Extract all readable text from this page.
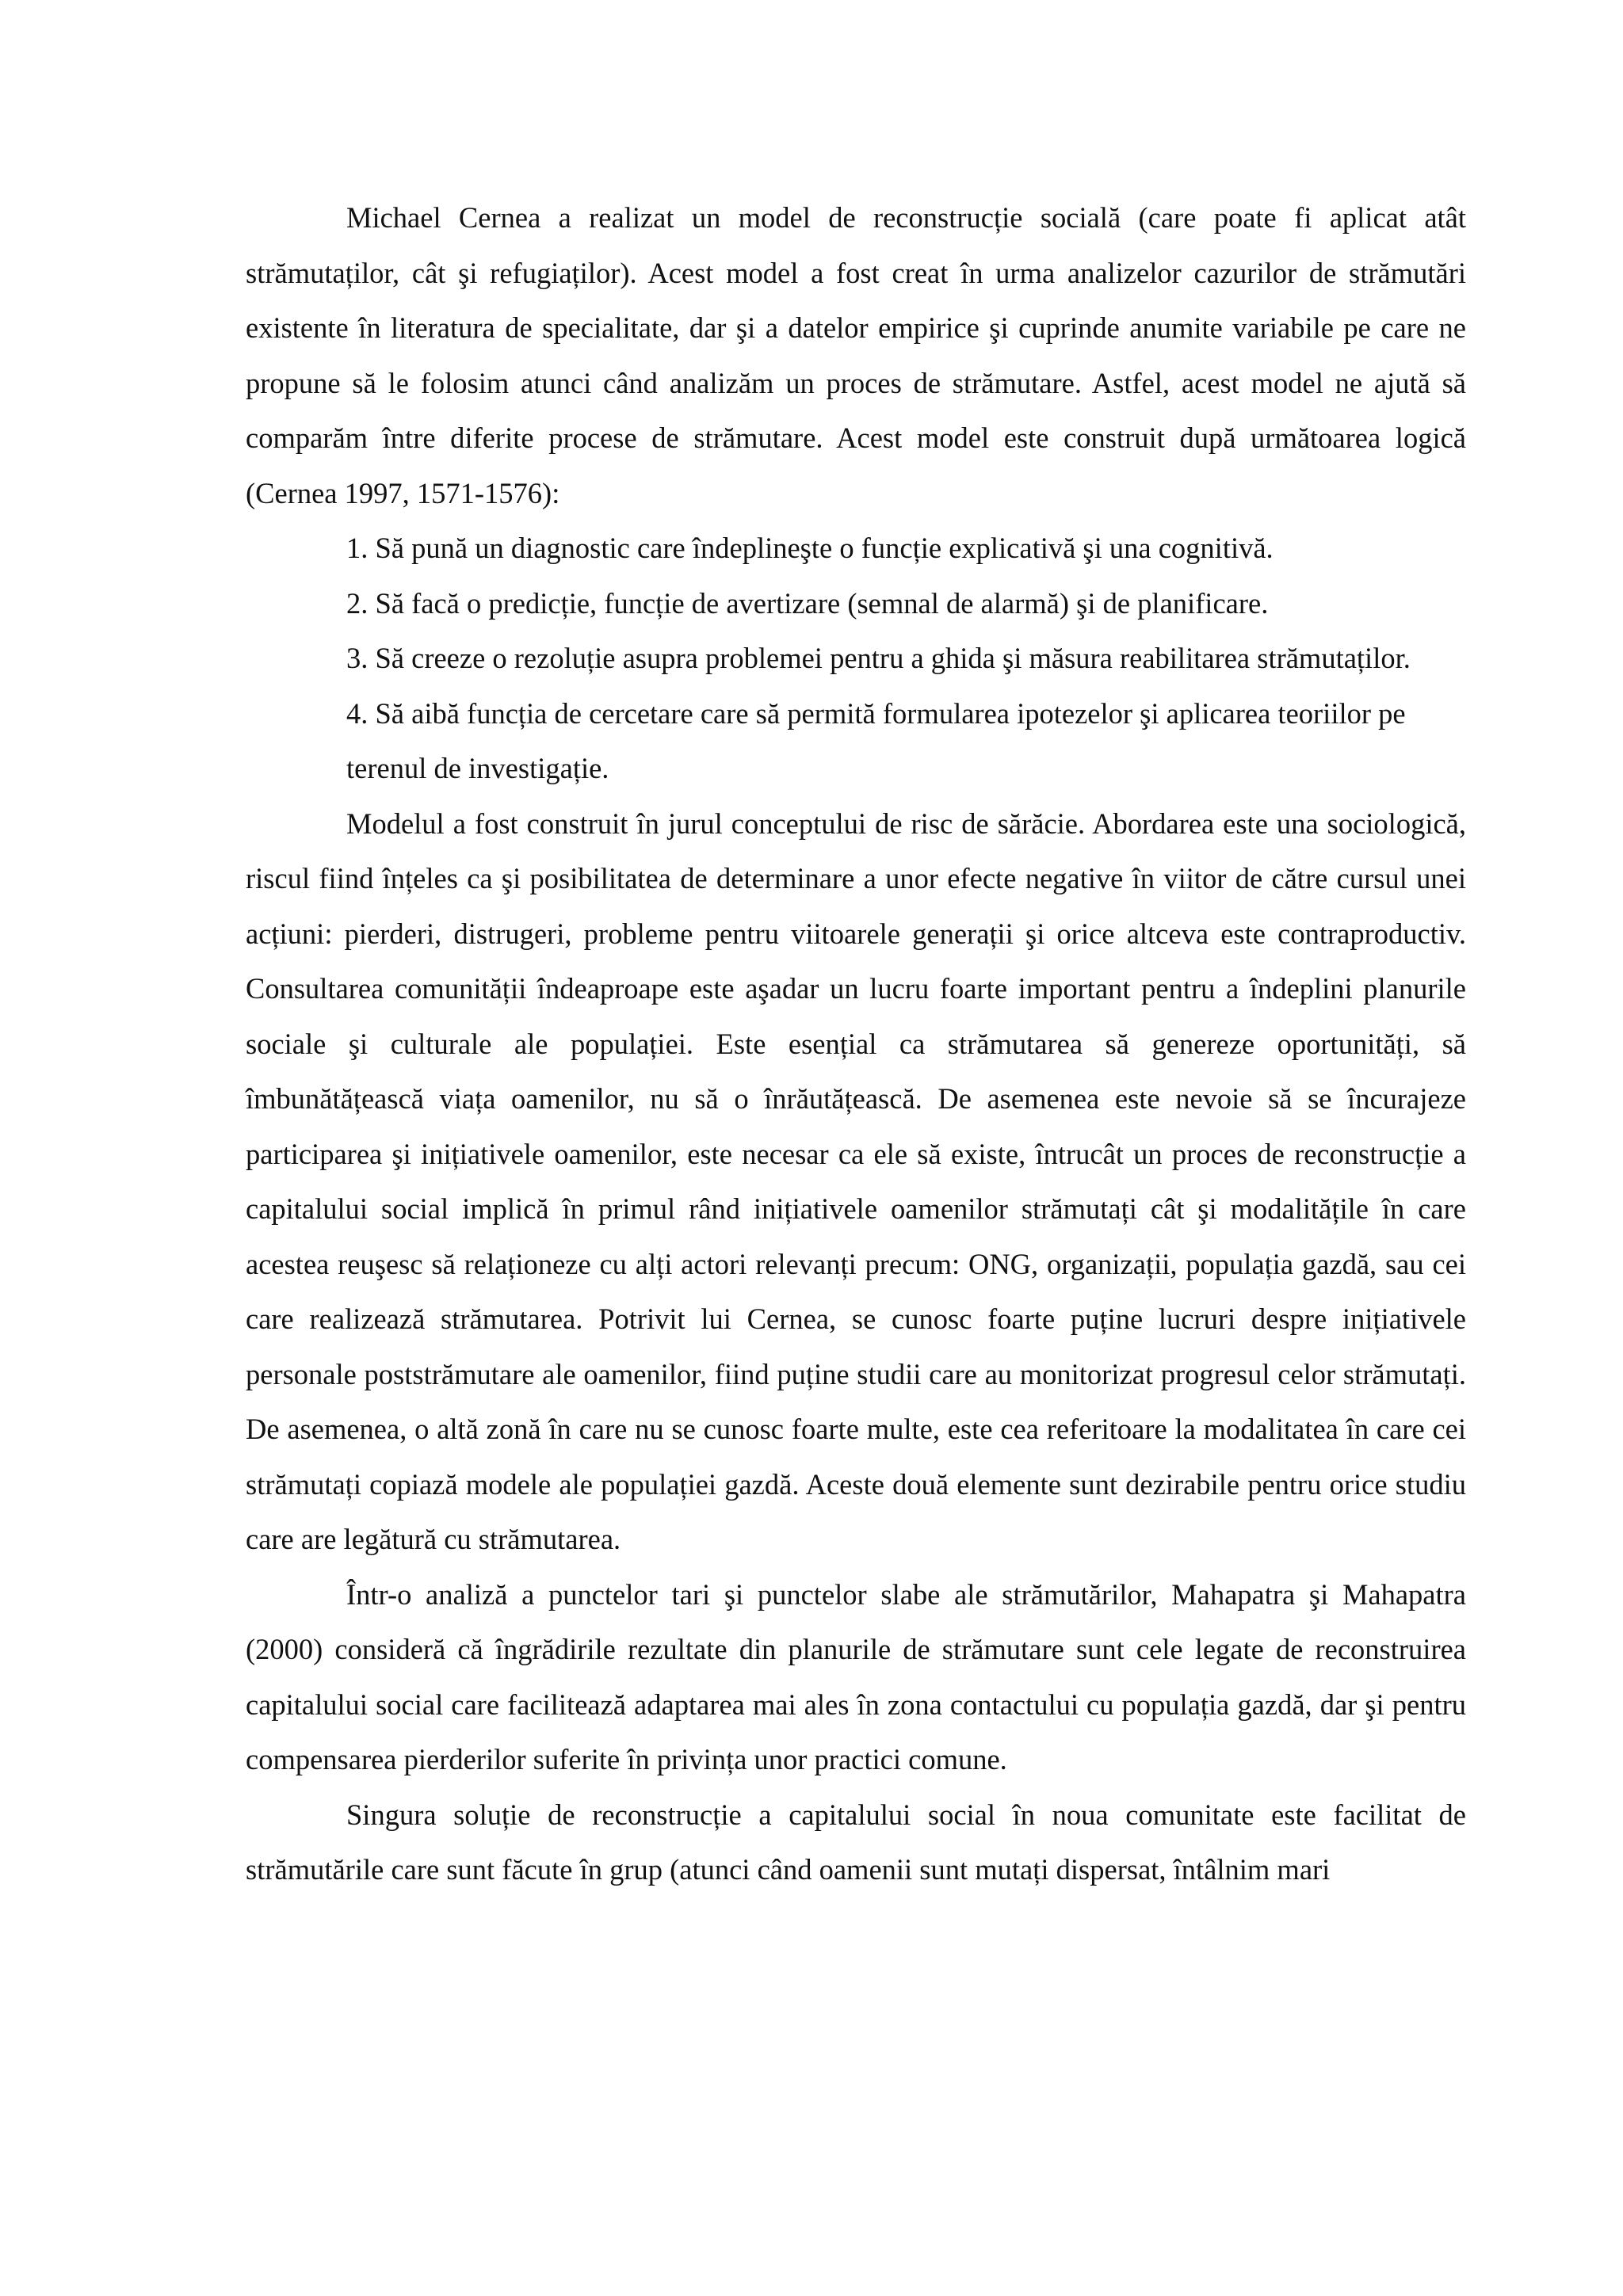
Michael Cernea a realizat un model de reconstrucție socială (care poate fi aplicat atât strămutaților, cât şi refugiaților). Acest model a fost creat în urma analizelor cazurilor de strămutări existente în literatura de specialitate, dar şi a datelor empirice şi cuprinde anumite variabile pe care ne propune să le folosim atunci când analizăm un proces de strămutare. Astfel, acest model ne ajută să comparăm între diferite procese de strămutare. Acest model este construit după următoarea logică (Cernea 1997, 1571-1576):

1. Să pună un diagnostic care îndeplineşte o funcție explicativă şi una cognitivă.
2. Să facă o predicție, funcție de avertizare (semnal de alarmă) şi de planificare.
3. Să creeze o rezoluție asupra problemei pentru a ghida şi măsura reabilitarea strămutaților.
4. Să aibă funcția de cercetare care să permită formularea ipotezelor şi aplicarea teoriilor pe
terenul de investigație.

Modelul a fost construit în jurul conceptului de risc de sărăcie. Abordarea este una sociologică, riscul fiind înțeles ca şi posibilitatea de determinare a unor efecte negative în viitor de către cursul unei acțiuni: pierderi, distrugeri, probleme pentru viitoarele generații şi orice altceva este contraproductiv. Consultarea comunității îndeaproape este aşadar un lucru foarte important pentru a îndeplini planurile sociale şi culturale ale populației. Este esențial ca strămutarea să genereze oportunități, să îmbunătățească viața oamenilor, nu să o înrăutățească. De asemenea este nevoie să se încurajeze participarea şi inițiativele oamenilor, este necesar ca ele să existe, întrucât un proces de reconstrucție a capitalului social implică în primul rând inițiativele oamenilor strămutați cât şi modalitățile în care acestea reuşesc să relaționeze cu alți actori relevanți precum: ONG, organizații, populația gazdă, sau cei care realizează strămutarea. Potrivit lui Cernea, se cunosc foarte puține lucruri despre inițiativele personale poststrămutare ale oamenilor, fiind puține studii care au monitorizat progresul celor strămutați. De asemenea, o altă zonă în care nu se cunosc foarte multe, este cea referitoare la modalitatea în care cei strămutați copiază modele ale populației gazdă. Aceste două elemente sunt dezirabile pentru orice studiu care are legătură cu strămutarea.

Într-o analiză a punctelor tari şi punctelor slabe ale strămutărilor, Mahapatra şi Mahapatra (2000) consideră că îngrădirile rezultate din planurile de strămutare sunt cele legate de reconstruirea capitalului social care facilitează adaptarea mai ales în zona contactului cu populația gazdă, dar şi pentru compensarea pierderilor suferite în privința unor practici comune.

Singura soluție de reconstrucție a capitalului social în noua comunitate este facilitat de strămutările care sunt făcute în grup (atunci când oamenii sunt mutați dispersat, întâlnim mari
